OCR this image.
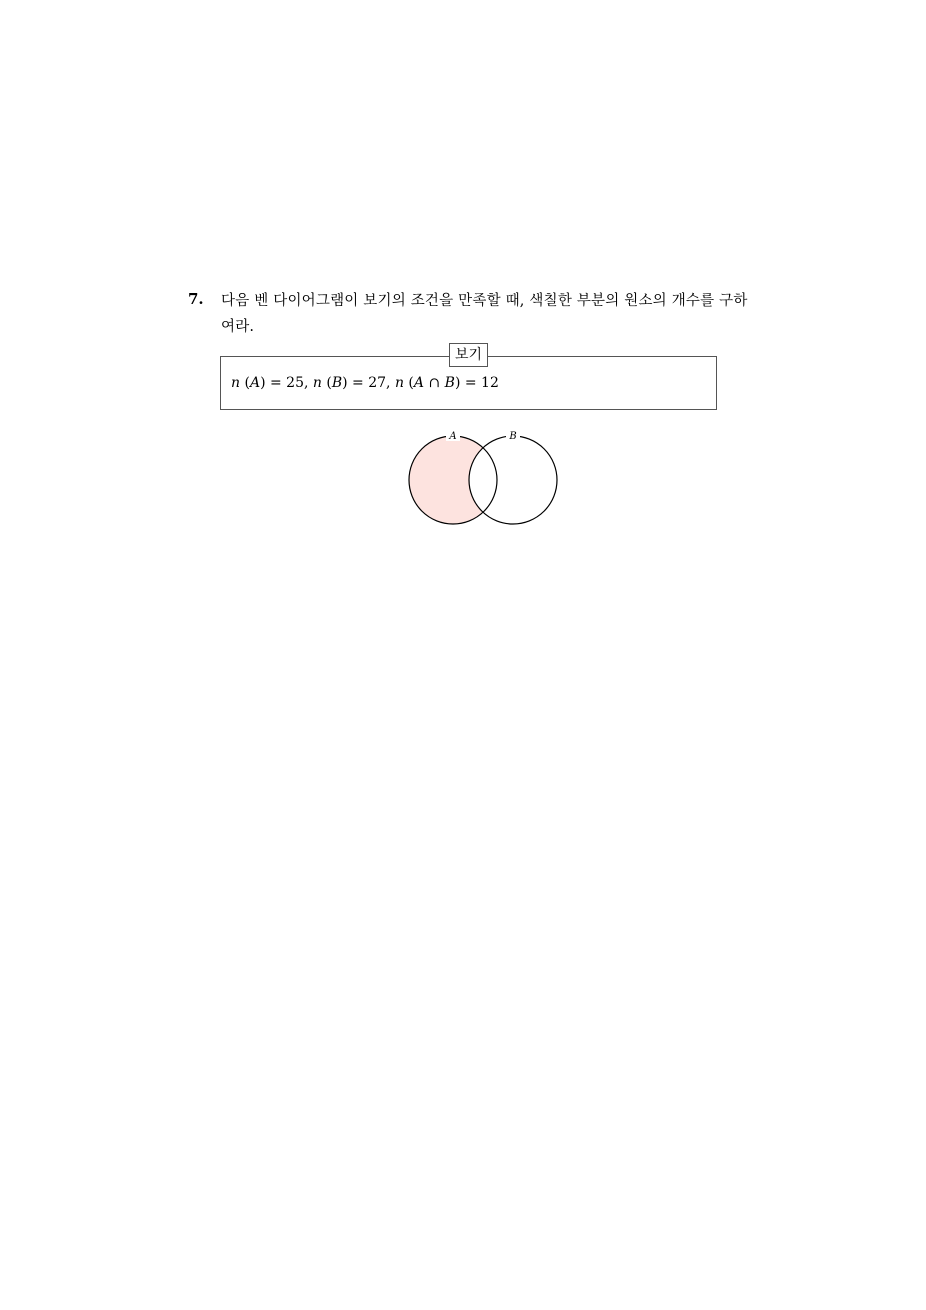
7. 다음 벤 다이어그램이 보기의 조건을 만족할 때, 색칠한 부분의 원소의 개수를 구하여라.
보기
n (A) = 25, n (B) = 27, n (A ∩ B) = 12
A	B
